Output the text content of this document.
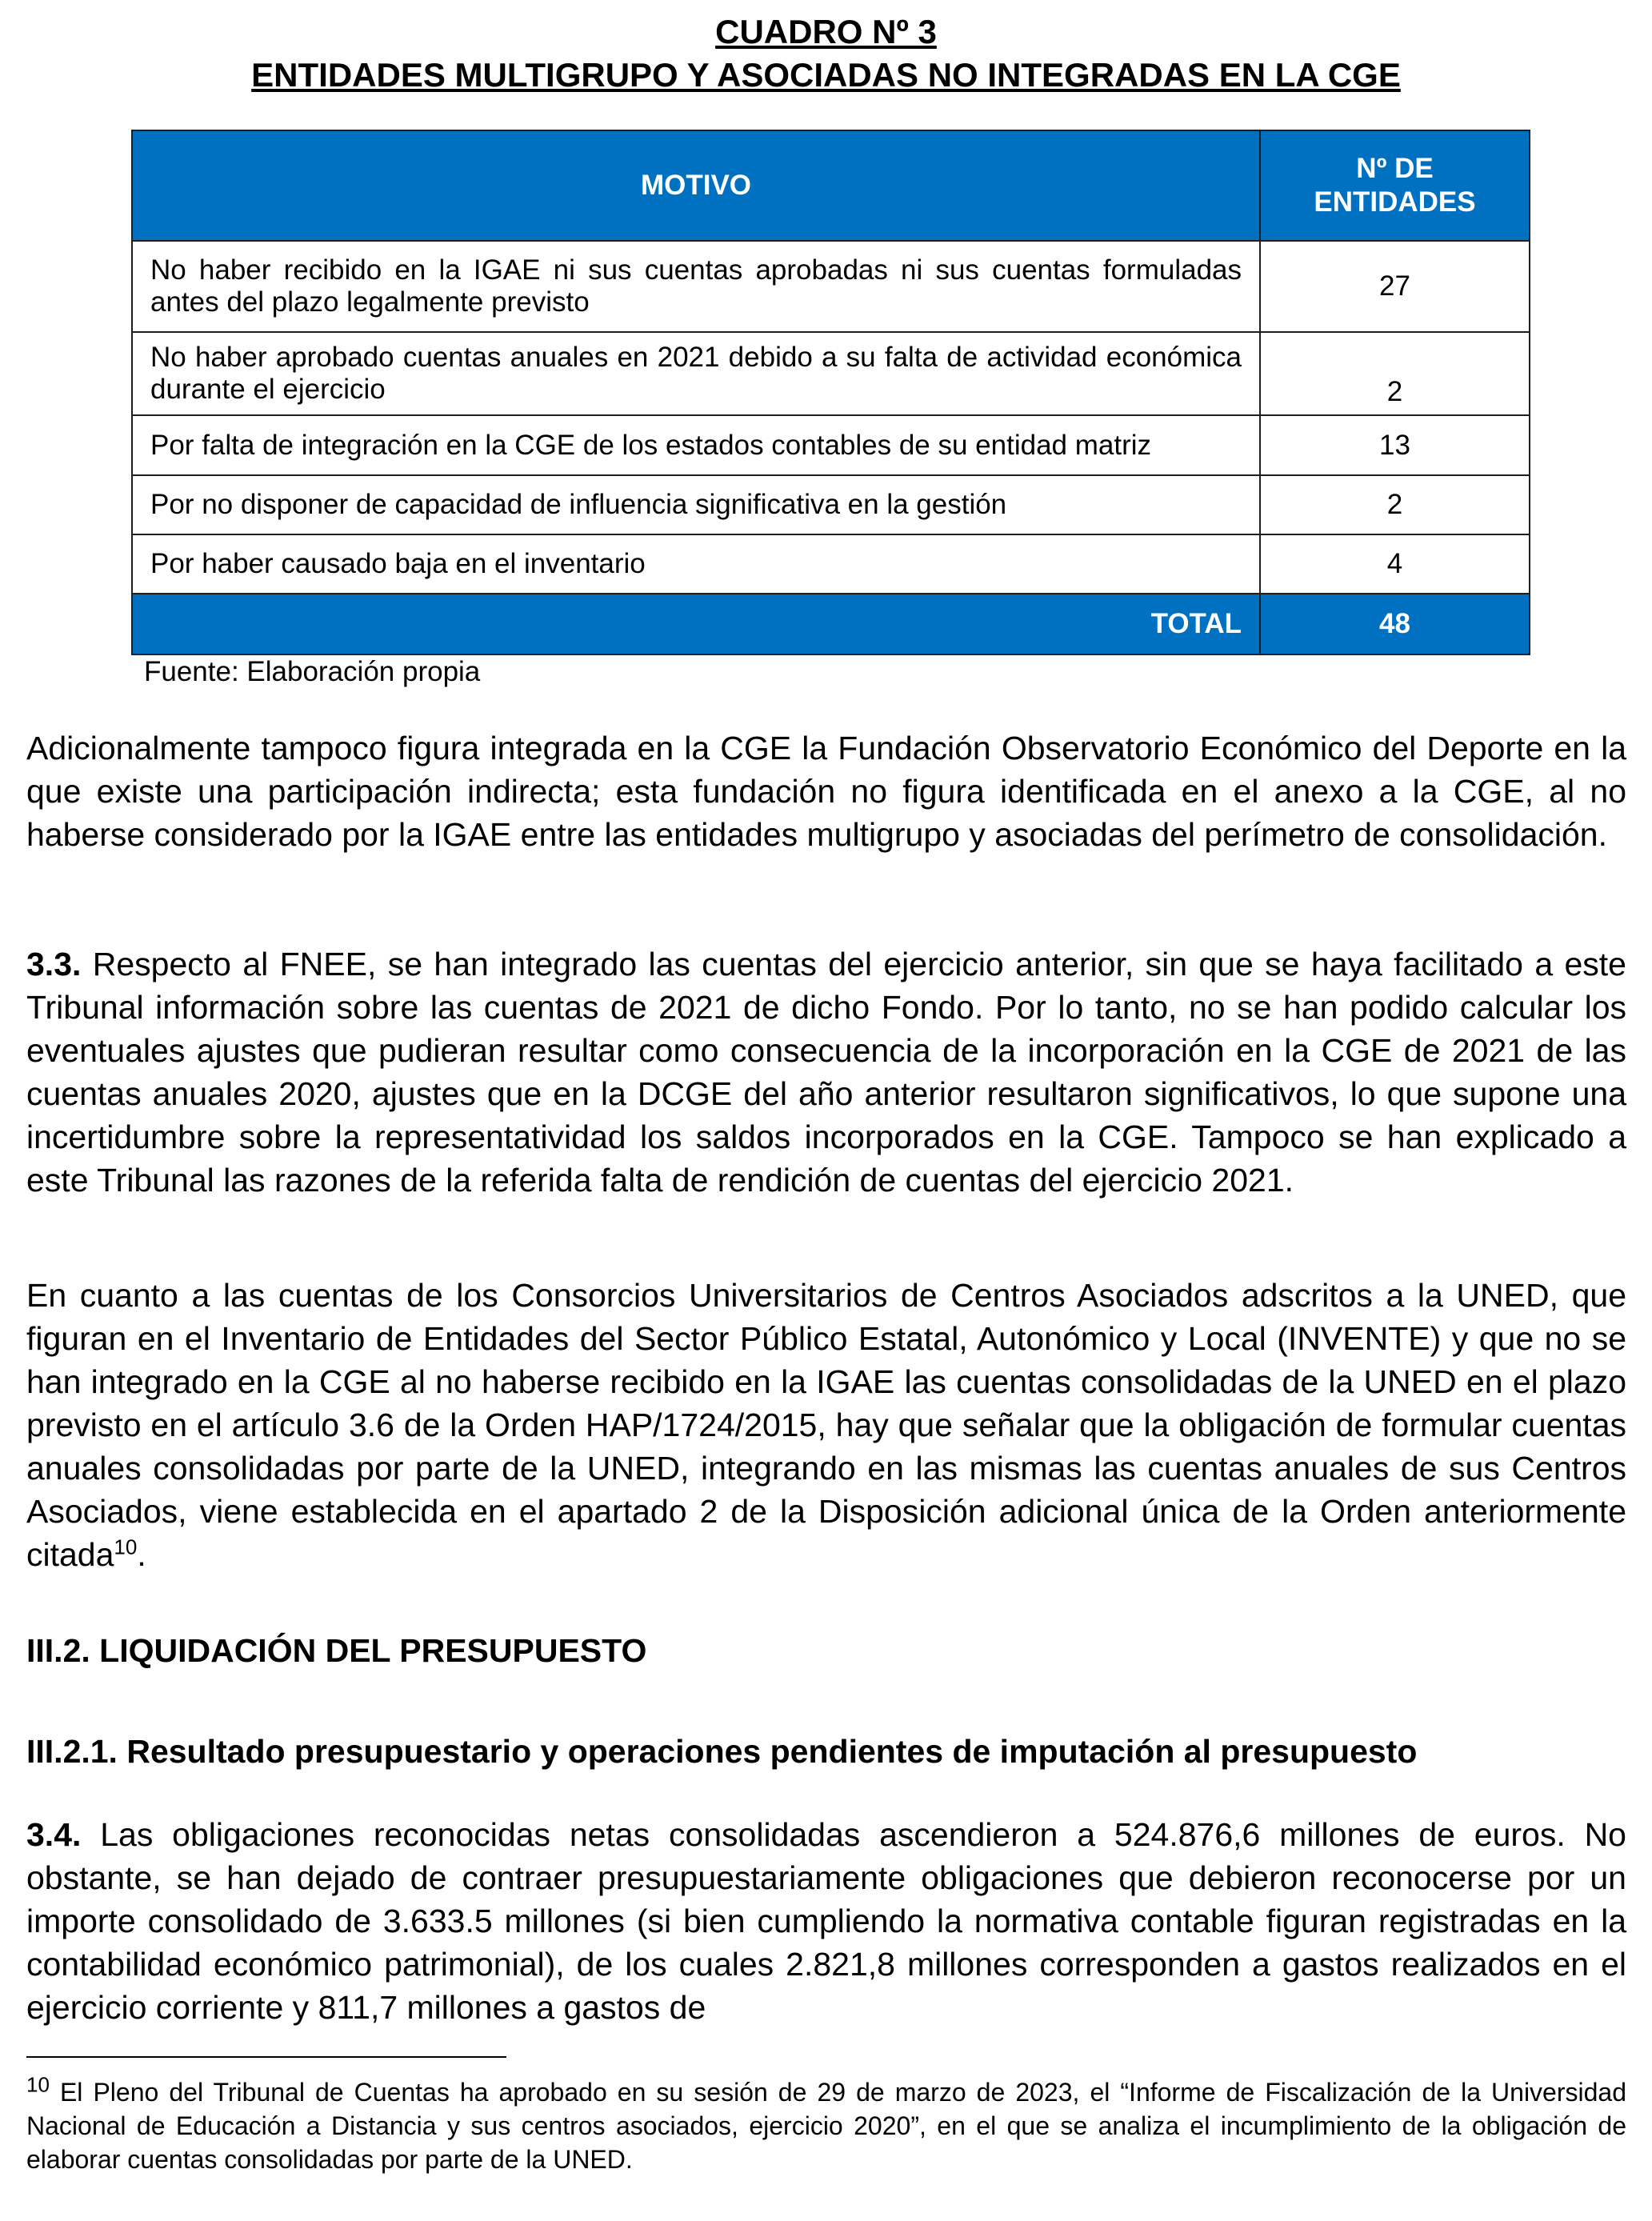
CUADRO Nº 3
ENTIDADES MULTIGRUPO Y ASOCIADAS NO INTEGRADAS EN LA CGE
MOTIVO	Nº DE ENTIDADES
No haber recibido en la IGAE ni sus cuentas aprobadas ni sus cuentas formuladas antes del plazo legalmente previsto	27
No haber aprobado cuentas anuales en 2021 debido a su falta de actividad económica durante el ejercicio	2
Por falta de integración en la CGE de los estados contables de su entidad matriz	13
Por no disponer de capacidad de influencia significativa en la gestión	2
Por haber causado baja en el inventario	4
TOTAL	48
Fuente: Elaboración propia
Adicionalmente tampoco figura integrada en la CGE la Fundación Observatorio Económico del Deporte en la que existe una participación indirecta; esta fundación no figura identificada en el anexo a la CGE, al no haberse considerado por la IGAE entre las entidades multigrupo y asociadas del perímetro de consolidación.
3.3. Respecto al FNEE, se han integrado las cuentas del ejercicio anterior, sin que se haya facilitado a este Tribunal información sobre las cuentas de 2021 de dicho Fondo. Por lo tanto, no se han podido calcular los eventuales ajustes que pudieran resultar como consecuencia de la incorporación en la CGE de 2021 de las cuentas anuales 2020, ajustes que en la DCGE del año anterior resultaron significativos, lo que supone una incertidumbre sobre la representatividad los saldos incorporados en la CGE. Tampoco se han explicado a este Tribunal las razones de la referida falta de rendición de cuentas del ejercicio 2021.
En cuanto a las cuentas de los Consorcios Universitarios de Centros Asociados adscritos a la UNED, que figuran en el Inventario de Entidades del Sector Público Estatal, Autonómico y Local (INVENTE) y que no se han integrado en la CGE al no haberse recibido en la IGAE las cuentas consolidadas de la UNED en el plazo previsto en el artículo 3.6 de la Orden HAP/1724/2015, hay que señalar que la obligación de formular cuentas anuales consolidadas por parte de la UNED, integrando en las mismas las cuentas anuales de sus Centros Asociados, viene establecida en el apartado 2 de la Disposición adicional única de la Orden anteriormente citada$^{10}$.
III.2. LIQUIDACIÓN DEL PRESUPUESTO
III.2.1. Resultado presupuestario y operaciones pendientes de imputación al presupuesto
3.4. Las obligaciones reconocidas netas consolidadas ascendieron a 524.876,6 millones de euros. No obstante, se han dejado de contraer presupuestariamente obligaciones que debieron reconocerse por un importe consolidado de 3.633.5 millones (si bien cumpliendo la normativa contable figuran registradas en la contabilidad económico patrimonial), de los cuales 2.821,8 millones corresponden a gastos realizados en el ejercicio corriente y 811,7 millones a gastos de
$^{10}$ El Pleno del Tribunal de Cuentas ha aprobado en su sesión de 29 de marzo de 2023, el “Informe de Fiscalización de la Universidad Nacional de Educación a Distancia y sus centros asociados, ejercicio 2020”, en el que se analiza el incumplimiento de la obligación de elaborar cuentas consolidadas por parte de la UNED.
